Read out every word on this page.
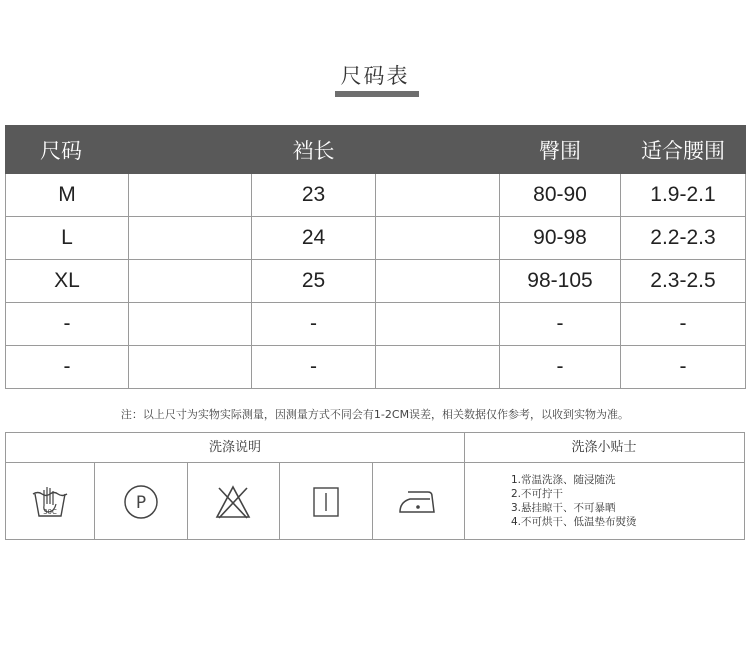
尺码表
尺码		裆长		臀围	适合腰围
M		23		80-90	1.9-2.1
L		24		90-98	2.2-2.3
XL		25		98-105	2.3-2.5
-		-		-	-
-		-		-	-
注：以上尺寸为实物实际测量，因测量方式不同会有1-2CM误差，相关数据仅作参考，以收到实物为准。
洗涤说明	洗涤小贴士
30C	P
1.常温洗涤、随浸随洗
2.不可拧干
3.悬挂晾干、不可暴晒
4.不可烘干、低温垫布熨烫
